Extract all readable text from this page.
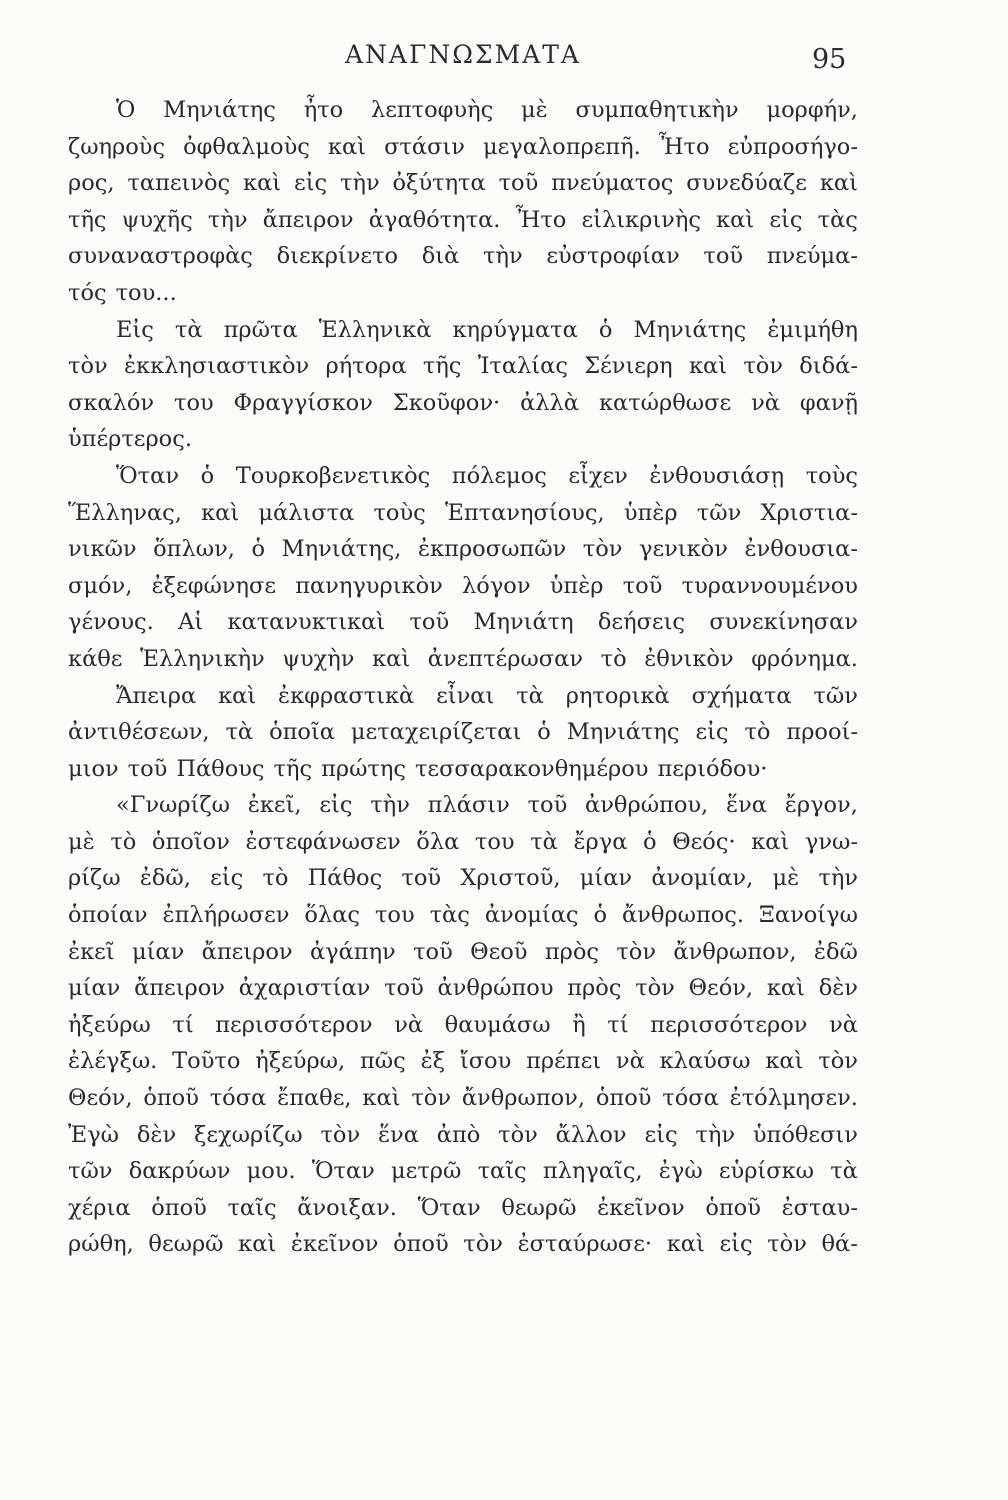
ΑΝΑΓΝΩΣΜΑΤΑ	95
Ὁ Μηνιάτης ἦτο λεπτοφυὴς μὲ συμπαθητικὴν μορφήν,
ζωηροὺς ὀφθαλμοὺς καὶ στάσιν μεγαλοπρεπῆ. Ἦτο εὐπροσήγο-
ρος, ταπεινὸς καὶ εἰς τὴν ὀξύτητα τοῦ πνεύματος συνεδύαζε καὶ
τῆς ψυχῆς τὴν ἄπειρον ἀγαθότητα. Ἦτο εἰλικρινὴς καὶ εἰς τὰς
συναναστροφὰς διεκρίνετο διὰ τὴν εὐστροφίαν τοῦ πνεύμα-
τός του...
Εἰς τὰ πρῶτα Ἑλληνικὰ κηρύγματα ὁ Μηνιάτης ἐμιμήθη
τὸν ἐκκλησιαστικὸν ρήτορα τῆς Ἰταλίας Σένιερη καὶ τὸν διδά-
σκαλόν του Φραγγίσκον Σκοῦφον· ἀλλὰ κατώρθωσε νὰ φανῇ
ὑπέρτερος.
Ὅταν ὁ Τουρκοβενετικὸς πόλεμος εἶχεν ἐνθουσιάσῃ τοὺς
Ἕλληνας, καὶ μάλιστα τοὺς Ἑπτανησίους, ὑπὲρ τῶν Χριστια-
νικῶν ὅπλων, ὁ Μηνιάτης, ἐκπροσωπῶν τὸν γενικὸν ἐνθουσια-
σμόν, ἐξεφώνησε πανηγυρικὸν λόγον ὑπὲρ τοῦ τυραννουμένου
γένους. Αἱ κατανυκτικαὶ τοῦ Μηνιάτη δεήσεις συνεκίνησαν
κάθε Ἑλληνικὴν ψυχὴν καὶ ἀνεπτέρωσαν τὸ ἐθνικὸν φρόνημα.
Ἄπειρα καὶ ἐκφραστικὰ εἶναι τὰ ρητορικὰ σχήματα τῶν
ἀντιθέσεων, τὰ ὁποῖα μεταχειρίζεται ὁ Μηνιάτης εἰς τὸ προοί-
μιον τοῦ Πάθους τῆς πρώτης τεσσαρακονθημέρου περιόδου·
«Γνωρίζω ἐκεῖ, εἰς τὴν πλάσιν τοῦ ἀνθρώπου, ἕνα ἔργον,
μὲ τὸ ὁποῖον ἐστεφάνωσεν ὅλα του τὰ ἔργα ὁ Θεός· καὶ γνω-
ρίζω ἐδῶ, εἰς τὸ Πάθος τοῦ Χριστοῦ, μίαν ἀνομίαν, μὲ τὴν
ὁποίαν ἐπλήρωσεν ὅλας του τὰς ἀνομίας ὁ ἄνθρωπος. Ξανοίγω
ἐκεῖ μίαν ἄπειρον ἀγάπην τοῦ Θεοῦ πρὸς τὸν ἄνθρωπον, ἐδῶ
μίαν ἄπειρον ἀχαριστίαν τοῦ ἀνθρώπου πρὸς τὸν Θεόν, καὶ δὲν
ἠξεύρω τί περισσότερον νὰ θαυμάσω ἢ τί περισσότερον νὰ
ἐλέγξω. Τοῦτο ἠξεύρω, πῶς ἐξ ἴσου πρέπει νὰ κλαύσω καὶ τὸν
Θεόν, ὁποῦ τόσα ἔπαθε, καὶ τὸν ἄνθρωπον, ὁποῦ τόσα ἐτόλμησεν.
Ἐγὼ δὲν ξεχωρίζω τὸν ἕνα ἀπὸ τὸν ἄλλον εἰς τὴν ὑπόθεσιν
τῶν δακρύων μου. Ὅταν μετρῶ ταῖς πληγαῖς, ἐγὼ εὑρίσκω τὰ
χέρια ὁποῦ ταῖς ἄνοιξαν. Ὅταν θεωρῶ ἐκεῖνον ὁποῦ ἐσταυ-
ρώθη, θεωρῶ καὶ ἐκεῖνον ὁποῦ τὸν ἐσταύρωσε· καὶ εἰς τὸν θά-
